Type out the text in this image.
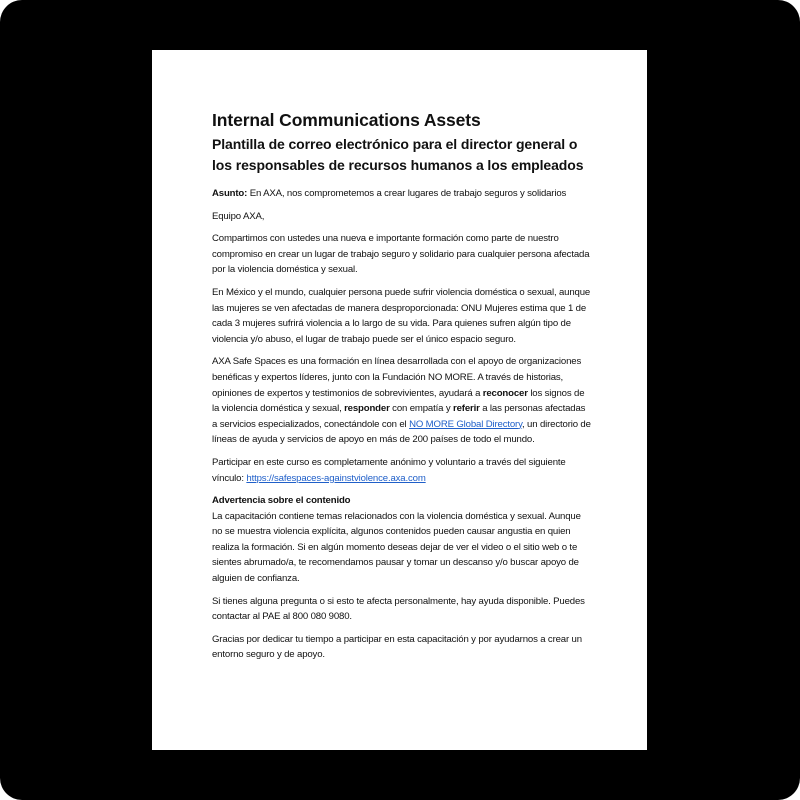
Internal Communications Assets
Plantilla de correo electrónico para el director general o los responsables de recursos humanos a los empleados

Asunto: En AXA, nos comprometemos a crear lugares de trabajo seguros y solidarios

Equipo AXA,

Compartimos con ustedes una nueva e importante formación como parte de nuestro compromiso en crear un lugar de trabajo seguro y solidario para cualquier persona afectada por la violencia doméstica y sexual.

En México y el mundo, cualquier persona puede sufrir violencia doméstica o sexual, aunque las mujeres se ven afectadas de manera desproporcionada: ONU Mujeres estima que 1 de cada 3 mujeres sufrirá violencia a lo largo de su vida. Para quienes sufren algún tipo de violencia y/o abuso, el lugar de trabajo puede ser el único espacio seguro.

AXA Safe Spaces es una formación en línea desarrollada con el apoyo de organizaciones benéficas y expertos líderes, junto con la Fundación NO MORE. A través de historias, opiniones de expertos y testimonios de sobrevivientes, ayudará a reconocer los signos de la violencia doméstica y sexual, responder con empatía y referir a las personas afectadas a servicios especializados, conectándole con el NO MORE Global Directory, un directorio de líneas de ayuda y servicios de apoyo en más de 200 países de todo el mundo.

Participar en este curso es completamente anónimo y voluntario a través del siguiente vínculo: https://safespaces-againstviolence.axa.com

Advertencia sobre el contenido

La capacitación contiene temas relacionados con la violencia doméstica y sexual. Aunque no se muestra violencia explícita, algunos contenidos pueden causar angustia en quien realiza la formación. Si en algún momento deseas dejar de ver el video o el sitio web o te sientes abrumado/a, te recomendamos pausar y tomar un descanso y/o buscar apoyo de alguien de confianza.

Si tienes alguna pregunta o si esto te afecta personalmente, hay ayuda disponible. Puedes contactar al PAE al 800 080 9080.

Gracias por dedicar tu tiempo a participar en esta capacitación y por ayudarnos a crear un entorno seguro y de apoyo.
